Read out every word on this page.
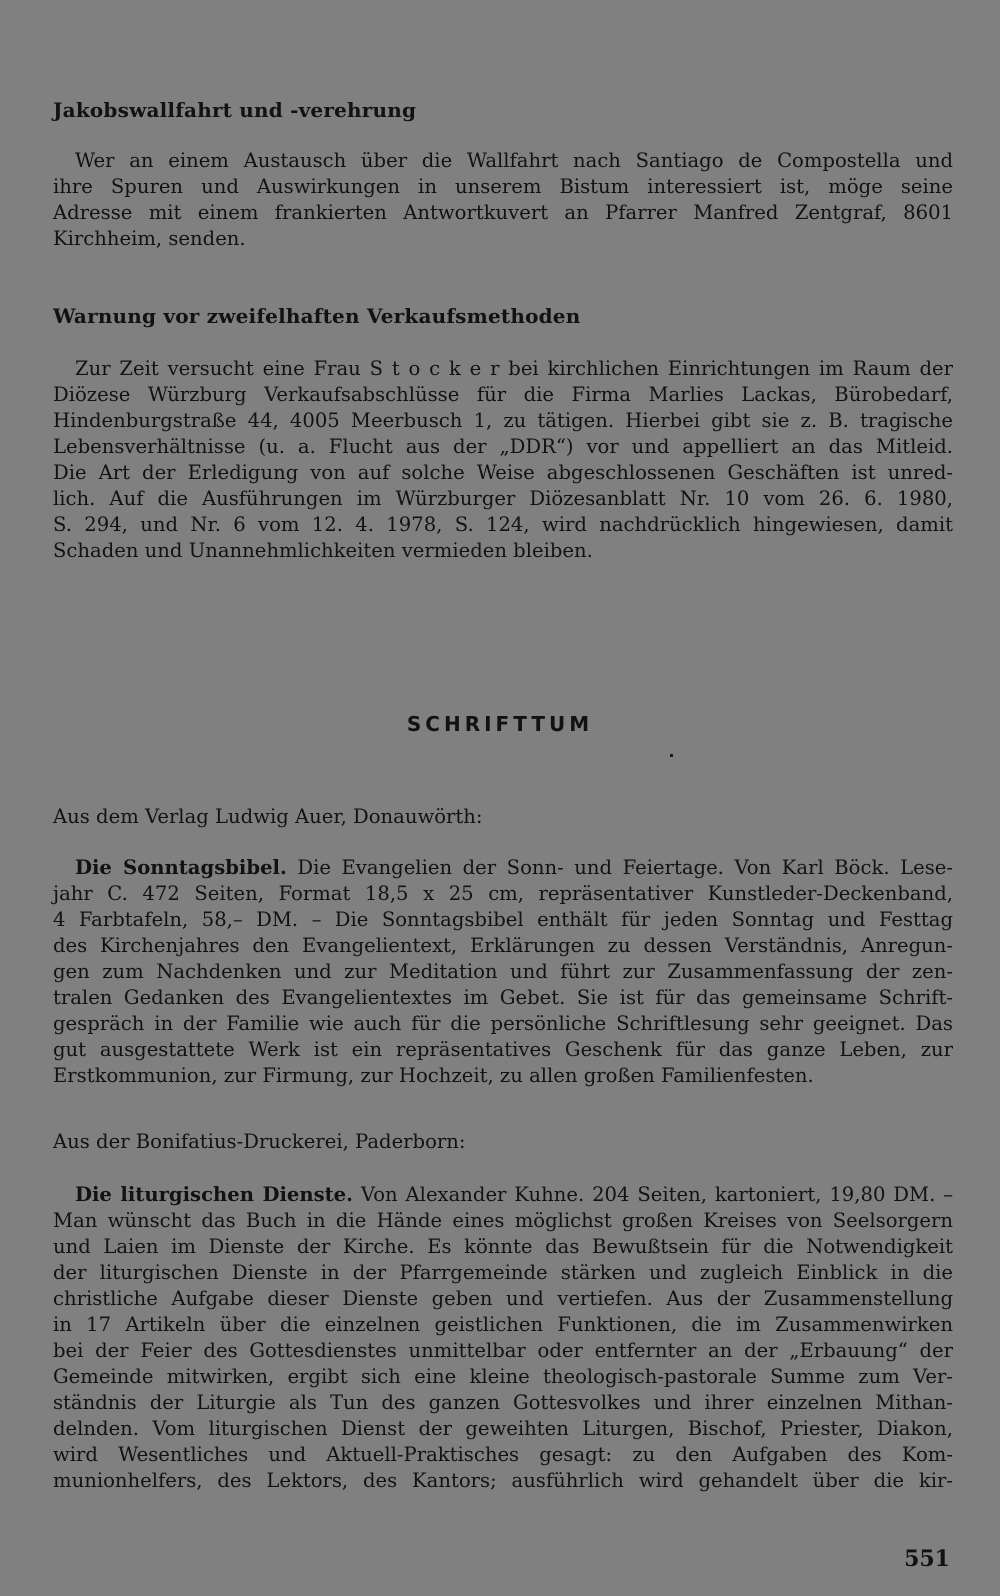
Jakobswallfahrt und -verehrung
Wer an einem Austausch über die Wallfahrt nach Santiago de Compostella und
ihre Spuren und Auswirkungen in unserem Bistum interessiert ist, möge seine
Adresse mit einem frankierten Antwortkuvert an Pfarrer Manfred Zentgraf, 8601
Kirchheim, senden.
Warnung vor zweifelhaften Verkaufsmethoden
Zur Zeit versucht eine Frau S t o c k e r bei kirchlichen Einrichtungen im Raum der
Diözese Würzburg Verkaufsabschlüsse für die Firma Marlies Lackas, Bürobedarf,
Hindenburgstraße 44, 4005 Meerbusch 1, zu tätigen. Hierbei gibt sie z. B. tragische
Lebensverhältnisse (u. a. Flucht aus der „DDR“) vor und appelliert an das Mitleid.
Die Art der Erledigung von auf solche Weise abgeschlossenen Geschäften ist unred-
lich. Auf die Ausführungen im Würzburger Diözesanblatt Nr. 10 vom 26. 6. 1980,
S. 294, und Nr. 6 vom 12. 4. 1978, S. 124, wird nachdrücklich hingewiesen, damit
Schaden und Unannehmlichkeiten vermieden bleiben.
SCHRIFTTUM
Aus dem Verlag Ludwig Auer, Donauwörth:
Die Sonntagsbibel. Die Evangelien der Sonn- und Feiertage. Von Karl Böck. Lese-
jahr C. 472 Seiten, Format 18,5 x 25 cm, repräsentativer Kunstleder-Deckenband,
4 Farbtafeln, 58,– DM. – Die Sonntagsbibel enthält für jeden Sonntag und Festtag
des Kirchenjahres den Evangelientext, Erklärungen zu dessen Verständnis, Anregun-
gen zum Nachdenken und zur Meditation und führt zur Zusammenfassung der zen-
tralen Gedanken des Evangelientextes im Gebet. Sie ist für das gemeinsame Schrift-
gespräch in der Familie wie auch für die persönliche Schriftlesung sehr geeignet. Das
gut ausgestattete Werk ist ein repräsentatives Geschenk für das ganze Leben, zur
Erstkommunion, zur Firmung, zur Hochzeit, zu allen großen Familienfesten.
Aus der Bonifatius-Druckerei, Paderborn:
Die liturgischen Dienste. Von Alexander Kuhne. 204 Seiten, kartoniert, 19,80 DM. –
Man wünscht das Buch in die Hände eines möglichst großen Kreises von Seelsorgern
und Laien im Dienste der Kirche. Es könnte das Bewußtsein für die Notwendigkeit
der liturgischen Dienste in der Pfarrgemeinde stärken und zugleich Einblick in die
christliche Aufgabe dieser Dienste geben und vertiefen. Aus der Zusammenstellung
in 17 Artikeln über die einzelnen geistlichen Funktionen, die im Zusammenwirken
bei der Feier des Gottesdienstes unmittelbar oder entfernter an der „Erbauung“ der
Gemeinde mitwirken, ergibt sich eine kleine theologisch-pastorale Summe zum Ver-
ständnis der Liturgie als Tun des ganzen Gottesvolkes und ihrer einzelnen Mithan-
delnden. Vom liturgischen Dienst der geweihten Liturgen, Bischof, Priester, Diakon,
wird Wesentliches und Aktuell-Praktisches gesagt: zu den Aufgaben des Kom-
munionhelfers, des Lektors, des Kantors; ausführlich wird gehandelt über die kir-
551
